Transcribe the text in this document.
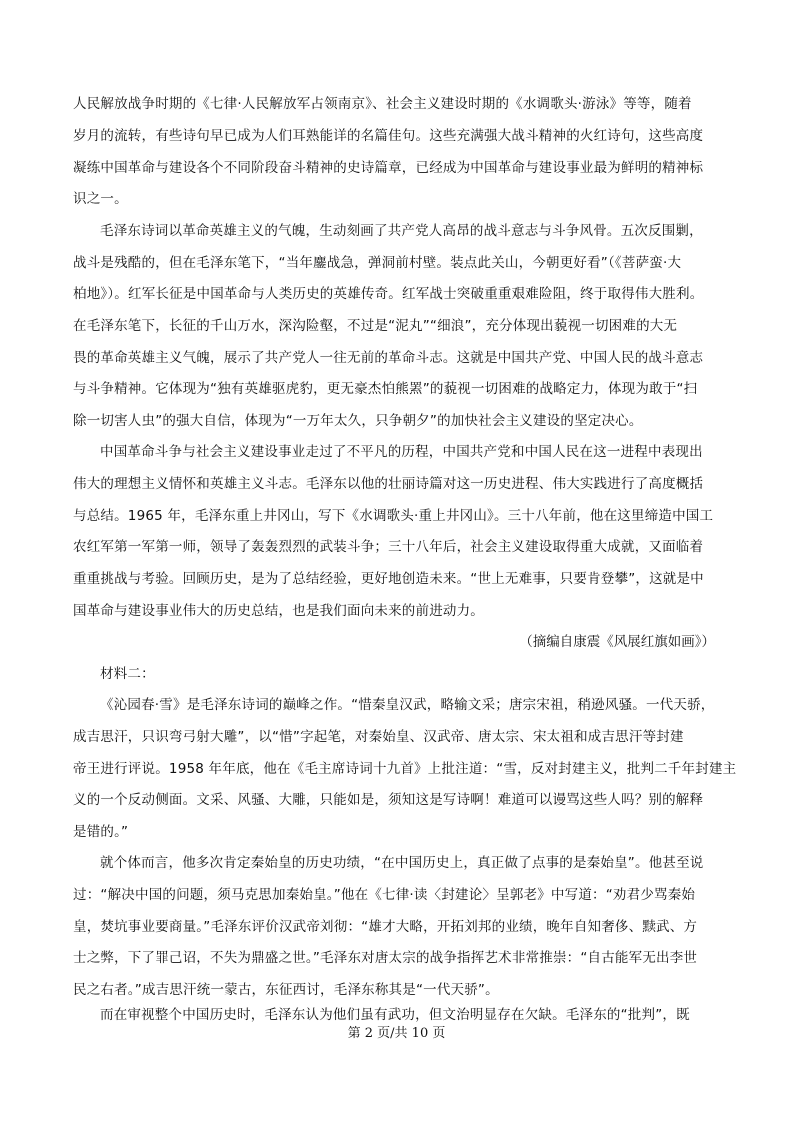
人民解放战争时期的《七律·人民解放军占领南京》、社会主义建设时期的《水调歌头·游泳》等等，随着
岁月的流转，有些诗句早已成为人们耳熟能详的名篇佳句。这些充满强大战斗精神的火红诗句，这些高度
凝练中国革命与建设各个不同阶段奋斗精神的史诗篇章，已经成为中国革命与建设事业最为鲜明的精神标
识之一。
毛泽东诗词以革命英雄主义的气魄，生动刻画了共产党人高昂的战斗意志与斗争风骨。五次反围剿，
战斗是残酷的，但在毛泽东笔下，“当年鏖战急，弹洞前村壁。装点此关山，今朝更好看”（《菩萨蛮·大
柏地》）。红军长征是中国革命与人类历史的英雄传奇。红军战士突破重重艰难险阻，终于取得伟大胜利。
在毛泽东笔下，长征的千山万水，深沟险壑，不过是“泥丸”“细浪”，充分体现出藐视一切困难的大无
畏的革命英雄主义气魄，展示了共产党人一往无前的革命斗志。这就是中国共产党、中国人民的战斗意志
与斗争精神。它体现为“独有英雄驱虎豹，更无豪杰怕熊罴”的藐视一切困难的战略定力，体现为敢于“扫
除一切害人虫”的强大自信，体现为“一万年太久，只争朝夕”的加快社会主义建设的坚定决心。
中国革命斗争与社会主义建设事业走过了不平凡的历程，中国共产党和中国人民在这一进程中表现出
伟大的理想主义情怀和英雄主义斗志。毛泽东以他的壮丽诗篇对这一历史进程、伟大实践进行了高度概括
与总结。1965 年，毛泽东重上井冈山，写下《水调歌头·重上井冈山》。三十八年前，他在这里缔造中国工
农红军第一军第一师，领导了轰轰烈烈的武装斗争；三十八年后，社会主义建设取得重大成就，又面临着
重重挑战与考验。回顾历史，是为了总结经验，更好地创造未来。“世上无难事，只要肯登攀”，这就是中
国革命与建设事业伟大的历史总结，也是我们面向未来的前进动力。
（摘编自康震《风展红旗如画》）
材料二：
《沁园春·雪》是毛泽东诗词的巅峰之作。“惜秦皇汉武，略输文采；唐宗宋祖，稍逊风骚。一代天骄，
成吉思汗，只识弯弓射大雕”，以“惜”字起笔，对秦始皇、汉武帝、唐太宗、宋太祖和成吉思汗等封建
帝王进行评说。1958 年年底，他在《毛主席诗词十九首》上批注道：“雪，反对封建主义，批判二千年封建主
义的一个反动侧面。文采、风骚、大雕，只能如是，须知这是写诗啊！难道可以谩骂这些人吗？别的解释
是错的。”
就个体而言，他多次肯定秦始皇的历史功绩，“在中国历史上，真正做了点事的是秦始皇”。他甚至说
过：“解决中国的问题，须马克思加秦始皇。”他在《七律·读〈封建论〉呈郭老》中写道：“劝君少骂秦始
皇，焚坑事业要商量。”毛泽东评价汉武帝刘彻：“雄才大略，开拓刘邦的业绩，晚年自知奢侈、黩武、方
士之弊，下了罪己诏，不失为鼎盛之世。”毛泽东对唐太宗的战争指挥艺术非常推崇：“自古能军无出李世
民之右者。”成吉思汗统一蒙古，东征西讨，毛泽东称其是“一代天骄”。
而在审视整个中国历史时，毛泽东认为他们虽有武功，但文治明显存在欠缺。毛泽东的“批判”，既
第 2 页/共 10 页
